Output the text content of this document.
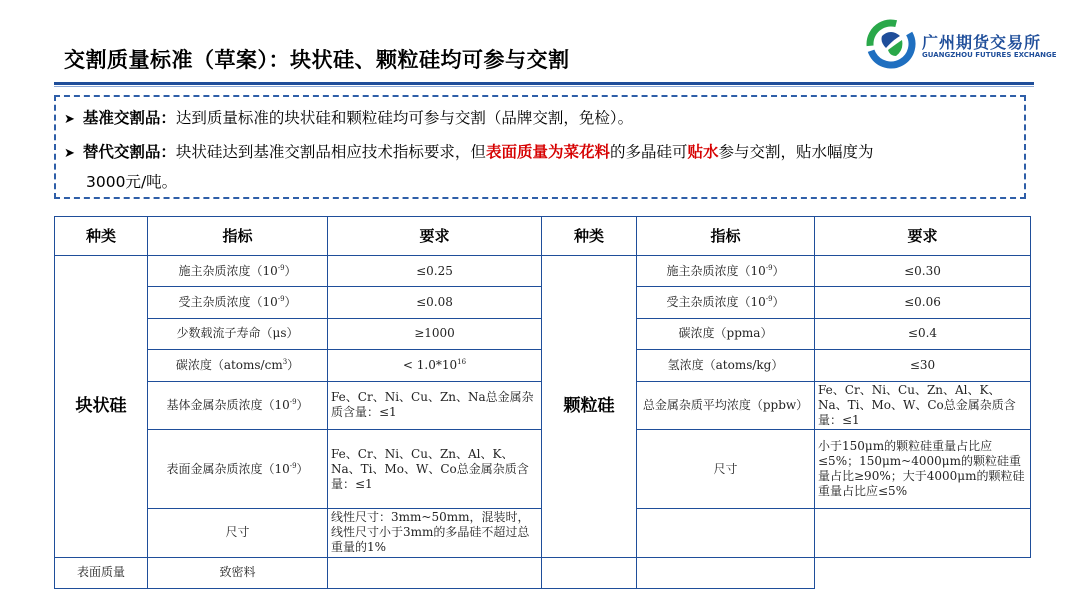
交割质量标准（草案）：块状硅、颗粒硅均可参与交割
广州期货交易所
GUANGZHOU FUTURES EXCHANGE
➤ 基准交割品：达到质量标准的块状硅和颗粒硅均可参与交割（品牌交割，免检）。
➤ 替代交割品：块状硅达到基准交割品相应技术指标要求，但表面质量为菜花料的多晶硅可贴水参与交割，贴水幅度为
3000元/吨。
种类	指标	要求	种类	指标	要求
块状硅	施主杂质浓度$(10^{-9})$	≤0.25	颗粒硅	施主杂质浓度$(10^{-9})$	≤0.30
	受主杂质浓度$(10^{-9})$	≤0.08		受主杂质浓度$(10^{-9})$	≤0.06
	少数载流子寿命（μs）	≥1000		碳浓度（ppma）	≤0.4
	碳浓度$(atoms/cm^3)$	< $1.0*10^{16}$		氢浓度（atoms/kg）	≤30
	基体金属杂质浓度$(10^{-9})$	Fe、Cr、Ni、Cu、Zn、Na总金属杂质含量：≤1		总金属杂质平均浓度（ppbw）	Fe、Cr、Ni、Cu、Zn、Al、K、Na、Ti、Mo、W、Co总金属杂质含量：≤1
	表面金属杂质浓度$(10^{-9})$	Fe、Cr、Ni、Cu、Zn、Al、K、Na、Ti、Mo、W、Co总金属杂质含量：≤1		尺寸	小于150μm的颗粒硅重量占比应≤5%；150μm~4000μm的颗粒硅重量占比≥90%；大于4000μm的颗粒硅重量占比应≤5%

	尺寸	线性尺寸：3mm~50mm，混装时，线性尺寸小于3mm的多晶硅不超过总重量的1%			
表面质量	致密料				
